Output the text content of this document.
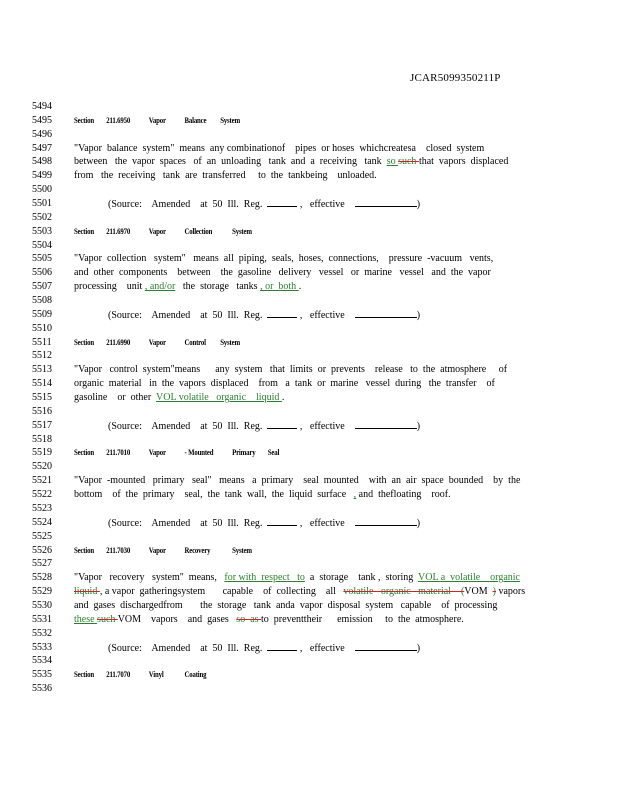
JCAR5099350211P
5494
5495
5496
5497
5498
5499
5500
5501
5502
5503
5504
5505
5506
5507
5508
5509
5510
5511
5512
5513
5514
5515
5516
5517
5518
5519
5520
5521
5522
5523
5524
5525
5526
5527
5528
5529
5530
5531
5532
5533
5534
5535
5536
Section	211.6950	Vapor	Balance	System
"Vapor  balance  system"  means  any combinationof    pipes  or hoses  whichcreatesa    closed  system
between   the  vapor  spaces   of  an  unloading   tank  and  a  receiving   tank  so such that  vapors  displaced
from   the  receiving   tank  are  transferred     to  the  tankbeing    unloaded.
(Source:    Amended    at  50  Ill.  Reg.	,   effective	)
Section	211.6970	Vapor	Collection	System
"Vapor  collection   system"   means  all  piping,  seals,  hoses,  connections,    pressure  -vacuum   vents,
and  other  components    between    the  gasoline   delivery   vessel   or  marine   vessel   and  the  vapor
processing    unit , and/or   the  storage   tanks , or  both .
(Source:    Amended    at  50  Ill.  Reg.	,   effective	)
Section	211.6990	Vapor	Control	System
"Vapor   control  system"means      any  system   that  limits  or  prevents    release   to  the  atmosphere     of
organic  material   in  the  vapors  displaced    from   a  tank  or  marine   vessel  during   the  transfer    of
gasoline    or  other  VOL volatile   organic    liquid .
(Source:    Amended    at  50  Ill.  Reg.	,   effective	)
Section	211.7010	Vapor	- Mounted	Primary	Seal
"Vapor  -mounted   primary   seal"   means   a  primary    seal  mounted    with  an  air  space  bounded    by  the
bottom    of  the  primary    seal,  the  tank  wall,  the  liquid  surface   , and  thefloating    roof.
(Source:    Amended    at  50  Ill.  Reg.	,   effective	)
Section	211.7030	Vapor	Recovery	System
"Vapor   recovery   system"  means,   for with  respect   to  a  storage    tank ,  storing  VOL a  volatile    organic
liquid , a vapor  gatheringsystem       capable    of  collecting    all   volatile   organic   material    (VOM  ) vapors
and  gases  dischargedfrom       the  storage   tank  anda  vapor  disposal  system   capable    of  processing
these such VOM    vapors    and  gases   so  as to  preventtheir      emission     to  the  atmosphere.
(Source:    Amended    at  50  Ill.  Reg.	,   effective	)
Section	211.7070	Vinyl	Coating
